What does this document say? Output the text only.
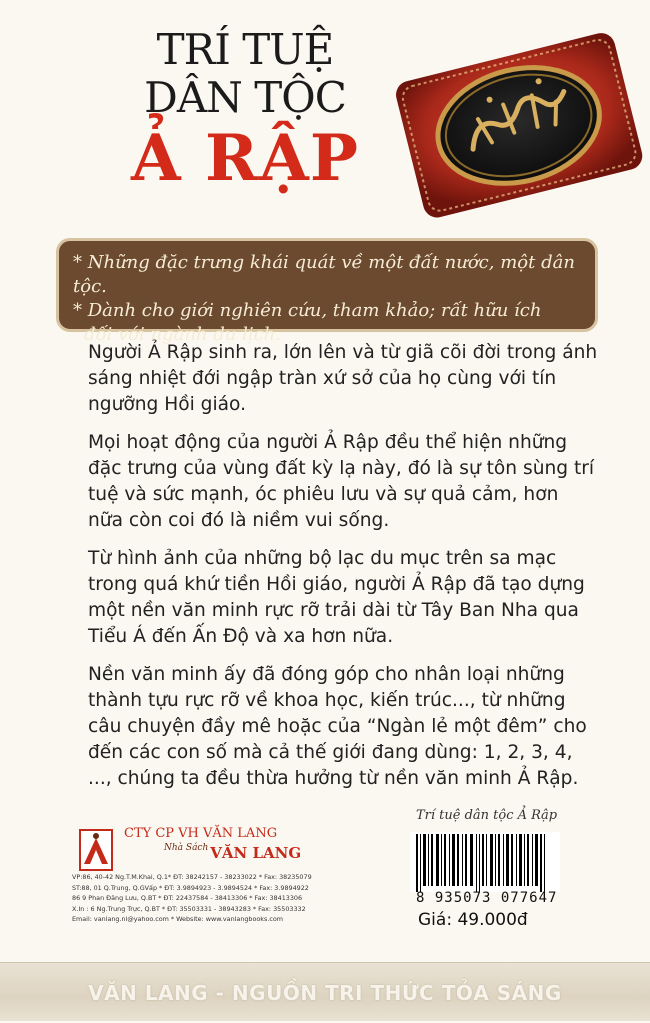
TRÍ TUỆ
DÂN TỘC
Ả RẬP

* Những đặc trưng khái quát về một đất nước, một dân tộc.

* Dành cho giới nghiên cứu, tham khảo; rất hữu ích

đối với ngành du lịch.

Người Ả Rập sinh ra, lớn lên và từ giã cõi đời trong ánh sáng nhiệt đới ngập tràn xứ sở của họ cùng với tín ngưỡng Hồi giáo.

Mọi hoạt động của người Ả Rập đều thể hiện những đặc trưng của vùng đất kỳ lạ này, đó là sự tôn sùng trí tuệ và sức mạnh, óc phiêu lưu và sự quả cảm, hơn nữa còn coi đó là niềm vui sống.

Từ hình ảnh của những bộ lạc du mục trên sa mạc trong quá khứ tiền Hồi giáo, người Ả Rập đã tạo dựng một nền văn minh rực rỡ trải dài từ Tây Ban Nha qua Tiểu Á đến Ấn Độ và xa hơn nữa.

Nền văn minh ấy đã đóng góp cho nhân loại những thành tựu rực rỡ về khoa học, kiến trúc..., từ những câu chuyện đầy mê hoặc của “Ngàn lẻ một đêm” cho đến các con số mà cả thế giới đang dùng: 1, 2, 3, 4, ..., chúng ta đều thừa hưởng từ nền văn minh Ả Rập.

CTY CP VH VĂN LANG
$^{Nhà Sách}$ VĂN LANG
VP:86, 40-42 Ng.T.M.Khai, Q.1* ĐT: 38242157 - 38233022 * Fax: 38235079
ST:88, 01 Q.Trung, Q.GVấp * ĐT: 3.9894923 - 3.9894524 * Fax: 3.9894922
86 9 Phan Đăng Lưu, Q.BT * ĐT: 22437584 - 38413306 * Fax: 38413306
X.In : 6 Ng.Trung Trực, Q.BT * ĐT: 35503331 - 38943283 * Fax: 35503332
Email: vanlang.nl@yahoo.com * Website: www.vanlangbooks.com
Trí tuệ dân tộc Ả Rập
8 935073 077647
Giá: 49.000đ
VĂN LANG - NGUỒN TRI THỨC TỎA SÁNG
